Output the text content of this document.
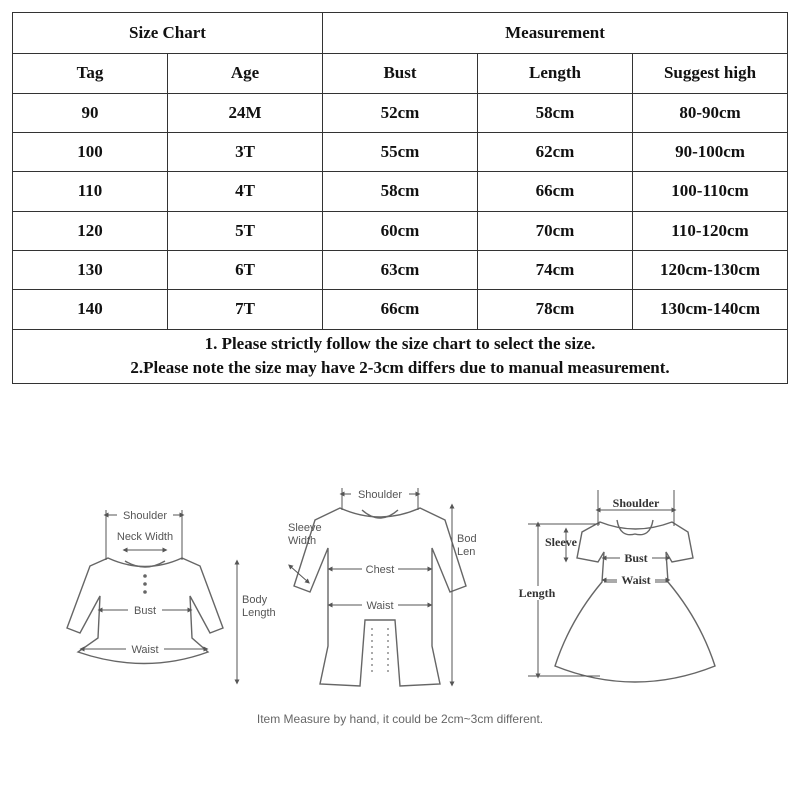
Size Chart		Measurement		
Tag	Age	Bust	Length	Suggest high
90	24M	52cm	58cm	80-90cm
100	3T	55cm	62cm	90-100cm
110	4T	58cm	66cm	100-110cm
120	5T	60cm	70cm	110-120cm
130	6T	63cm	74cm	120cm-130cm
140	7T	66cm	78cm	130cm-140cm

1. Please strictly follow the size chart to select the size.
2.Please note the size may have 2-3cm differs due to manual measurement.				
Shoulder
Neck Width
Bust
Waist
Body
Length
Shoulder
Sleeve
Width
Chest
Waist
Bod
Len
Shoulder
Sleeve
Bust
Waist
Length
Item Measure by hand, it could be 2cm~3cm different.
